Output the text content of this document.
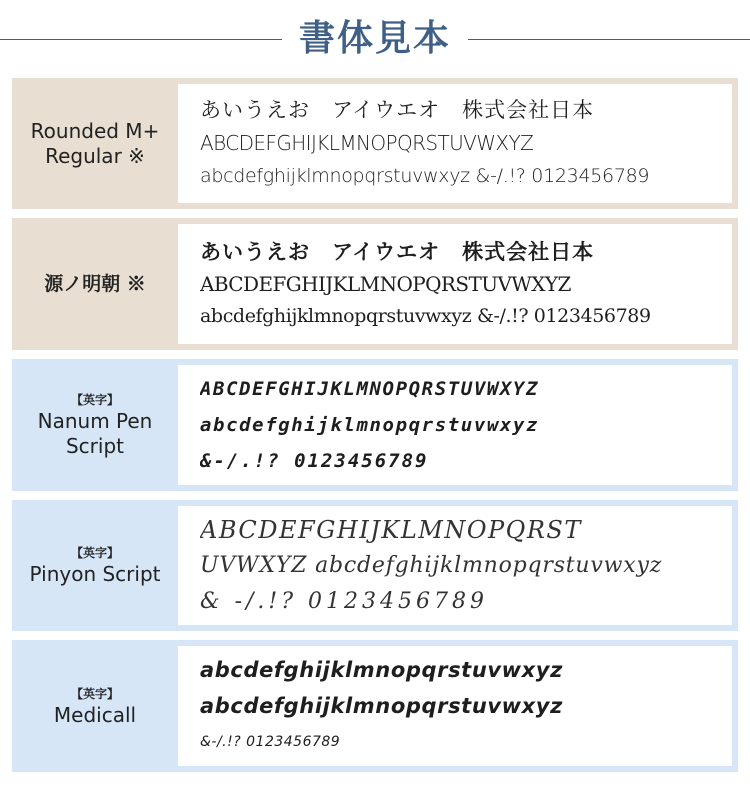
書体見本
Rounded M+ Regular ※
あいうえお　アイウエオ　株式会社日本
ABCDEFGHIJKLMNOPQRSTUVWXYZ
abcdefghijklmnopqrstuvwxyz &-/.!? 0123456789
源ノ明朝 ※
あいうえお　アイウエオ　株式会社日本
ABCDEFGHIJKLMNOPQRSTUVWXYZ
abcdefghijklmnopqrstuvwxyz &-/.!? 0123456789
【英字】
Nanum Pen Script
ABCDEFGHIJKLMNOPQRSTUVWXYZ
abcdefghijklmnopqrstuvwxyz
&-/.!? 0123456789
【英字】
Pinyon Script
ABCDEFGHIJKLMNOPQRST
UVWXYZ abcdefghijklmnopqrstuvwxyz
& -/.!? 0123456789
【英字】
Medicall
abcdefghijklmnopqrstuvwxyz
abcdefghijklmnopqrstuvwxyz
&-/.!? 0123456789
